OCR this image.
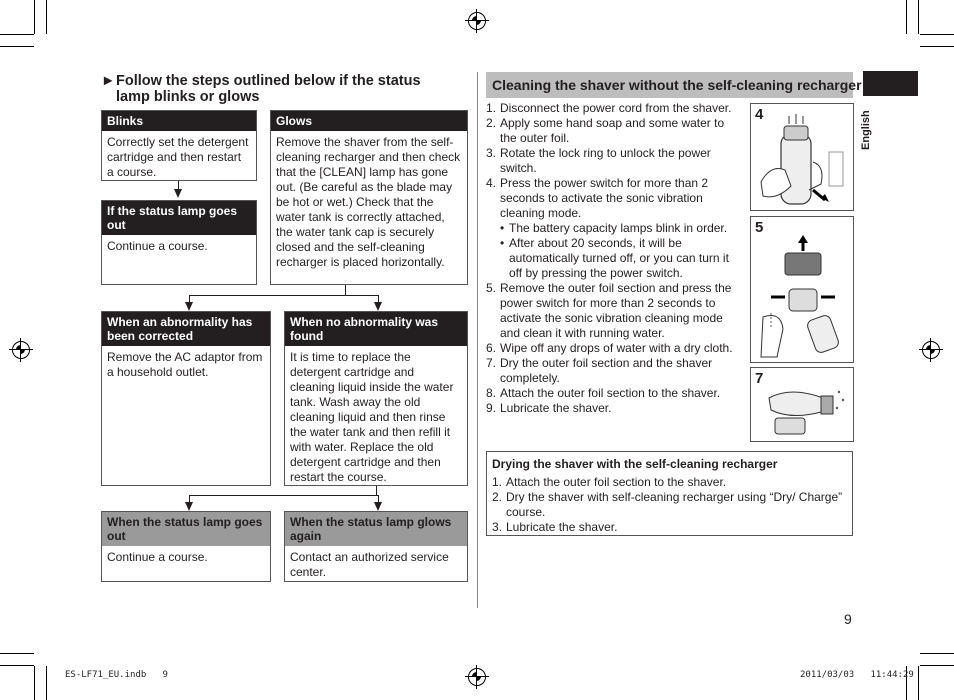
► Follow the steps outlined below if the status lamp blinks or glows
Blinks
Correctly set the detergent cartridge and then restart a course.
If the status lamp goes out
Continue a course.
Glows
Remove the shaver from the self-cleaning recharger and then check that the [CLEAN] lamp has gone out. (Be careful as the blade may be hot or wet.) Check that the water tank is correctly attached, the water tank cap is securely closed and the self-cleaning recharger is placed horizontally.
When an abnormality has been corrected
Remove the AC adaptor from a household outlet.
When no abnormality was found
It is time to replace the detergent cartridge and cleaning liquid inside the water tank. Wash away the old cleaning liquid and then rinse the water tank and then refill it with water. Replace the old detergent cartridge and then restart the course.
When the status lamp goes out
Continue a course.
When the status lamp glows again
Contact an authorized service center.
Cleaning the shaver without the self-cleaning recharger
1. Disconnect the power cord from the shaver.
2. Apply some hand soap and some water to the outer foil.
3. Rotate the lock ring to unlock the power switch.
4. Press the power switch for more than 2 seconds to activate the sonic vibration cleaning mode.
• The battery capacity lamps blink in order.
• After about 20 seconds, it will be automatically turned off, or you can turn it off by pressing the power switch.
5. Remove the outer foil section and press the power switch for more than 2 seconds to activate the sonic vibration cleaning mode and clean it with running water.
6. Wipe off any drops of water with a dry cloth.
7. Dry the outer foil section and the shaver completely.
8. Attach the outer foil section to the shaver.
9. Lubricate the shaver.
4
5
7
Drying the shaver with the self-cleaning recharger
1. Attach the outer foil section to the shaver.
2. Dry the shaver with self-cleaning recharger using “Dry/ Charge” course.
3. Lubricate the shaver.
English
9
ES-LF71_EU.indb   9	2011/03/03   11:44:29
